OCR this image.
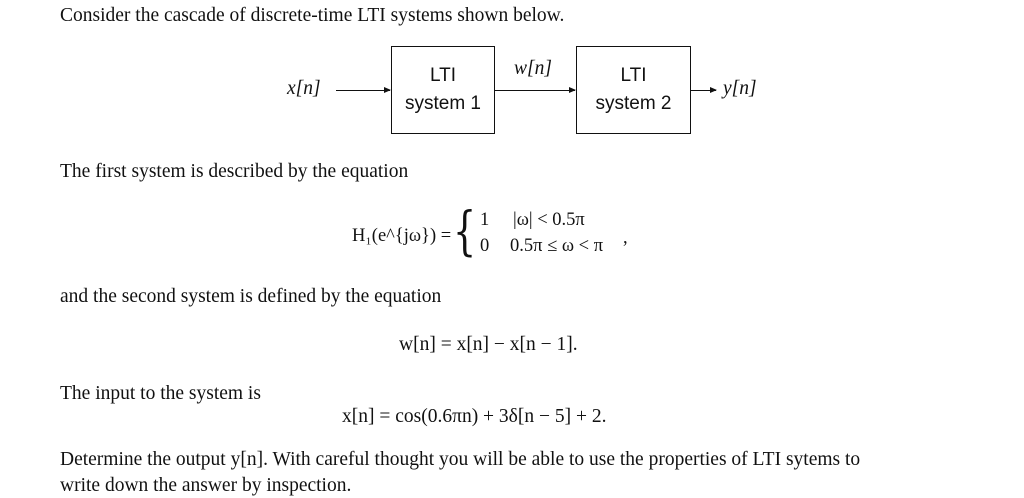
Consider the cascade of discrete-time LTI systems shown below.
x[n]
LTI
system 1
w[n]	LTI
system 2
y[n]
The first system is described by the equation
H₁(e^{jω}) = { 1 |ω| < 0.5π
0 0.5π ≤ ω < π ,
and the second system is defined by the equation
w[n] = x[n] − x[n − 1].
The input to the system is
x[n] = cos(0.6πn) + 3δ[n − 5] + 2.
Determine the output y[n]. With careful thought you will be able to use the properties of LTI sytems to
write down the answer by inspection.
